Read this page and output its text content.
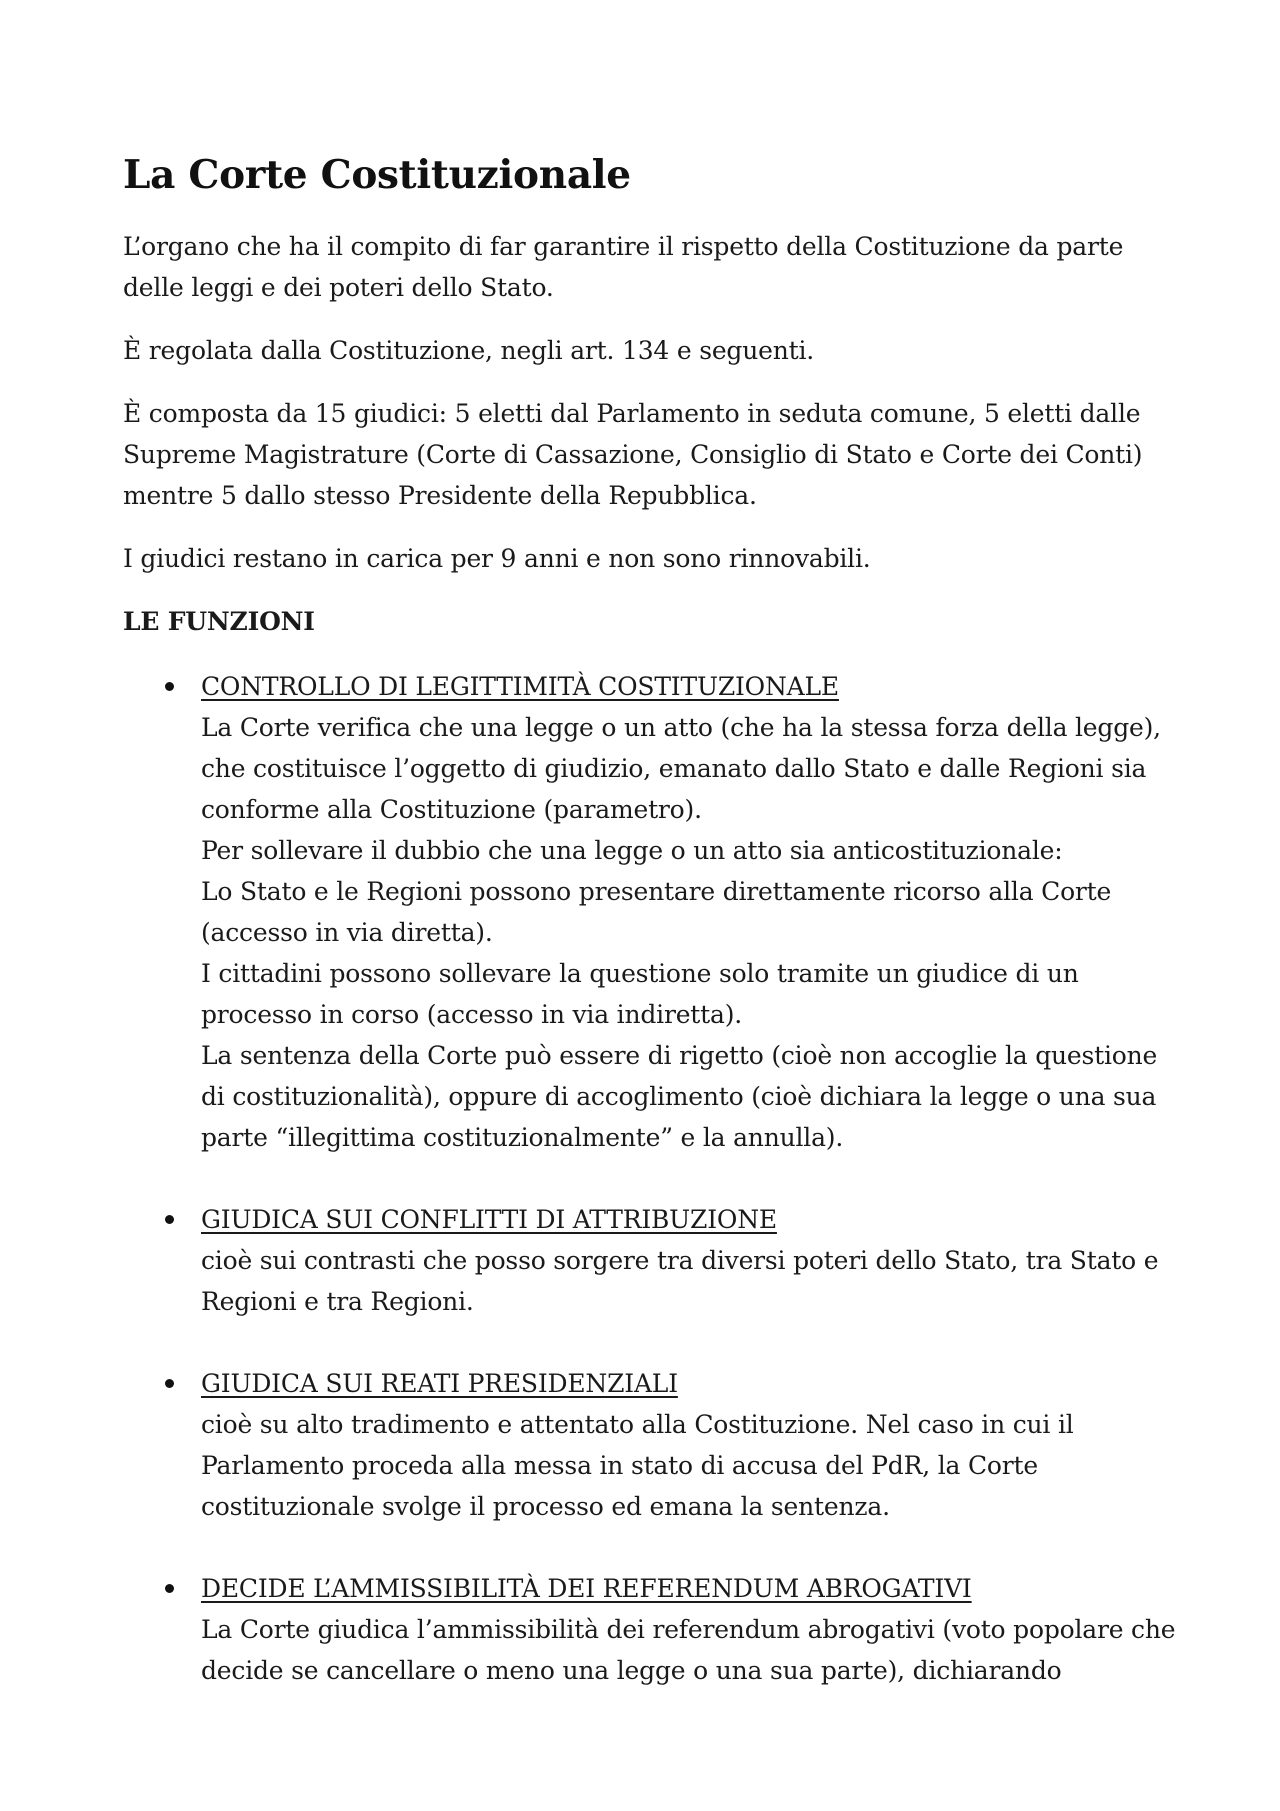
La Corte Costituzionale

L’organo che ha il compito di far garantire il rispetto della Costituzione da parte delle leggi e dei poteri dello Stato.

È regolata dalla Costituzione, negli art. 134 e seguenti.

È composta da 15 giudici: 5 eletti dal Parlamento in seduta comune, 5 eletti dalle Supreme Magistrature (Corte di Cassazione, Consiglio di Stato e Corte dei Conti) mentre 5 dallo stesso Presidente della Repubblica.

I giudici restano in carica per 9 anni e non sono rinnovabili.

LE FUNZIONI
CONTROLLO DI LEGITTIMITÀ COSTITUZIONALE
La Corte verifica che una legge o un atto (che ha la stessa forza della legge), che costituisce l’oggetto di giudizio, emanato dallo Stato e dalle Regioni sia conforme alla Costituzione (parametro).
Per sollevare il dubbio che una legge o un atto sia anticostituzionale:
Lo Stato e le Regioni possono presentare direttamente ricorso alla Corte (accesso in via diretta).
I cittadini possono sollevare la questione solo tramite un giudice di un processo in corso (accesso in via indiretta).
La sentenza della Corte può essere di rigetto (cioè non accoglie la questione di costituzionalità), oppure di accoglimento (cioè dichiara la legge o una sua parte “illegittima costituzionalmente” e la annulla).
GIUDICA SUI CONFLITTI DI ATTRIBUZIONE
cioè sui contrasti che posso sorgere tra diversi poteri dello Stato, tra Stato e Regioni e tra Regioni.
GIUDICA SUI REATI PRESIDENZIALI
cioè su alto tradimento e attentato alla Costituzione. Nel caso in cui il Parlamento proceda alla messa in stato di accusa del PdR, la Corte costituzionale svolge il processo ed emana la sentenza.
DECIDE L’AMMISSIBILITÀ DEI REFERENDUM ABROGATIVI
La Corte giudica l’ammissibilità dei referendum abrogativi (voto popolare che decide se cancellare o meno una legge o una sua parte), dichiarando
